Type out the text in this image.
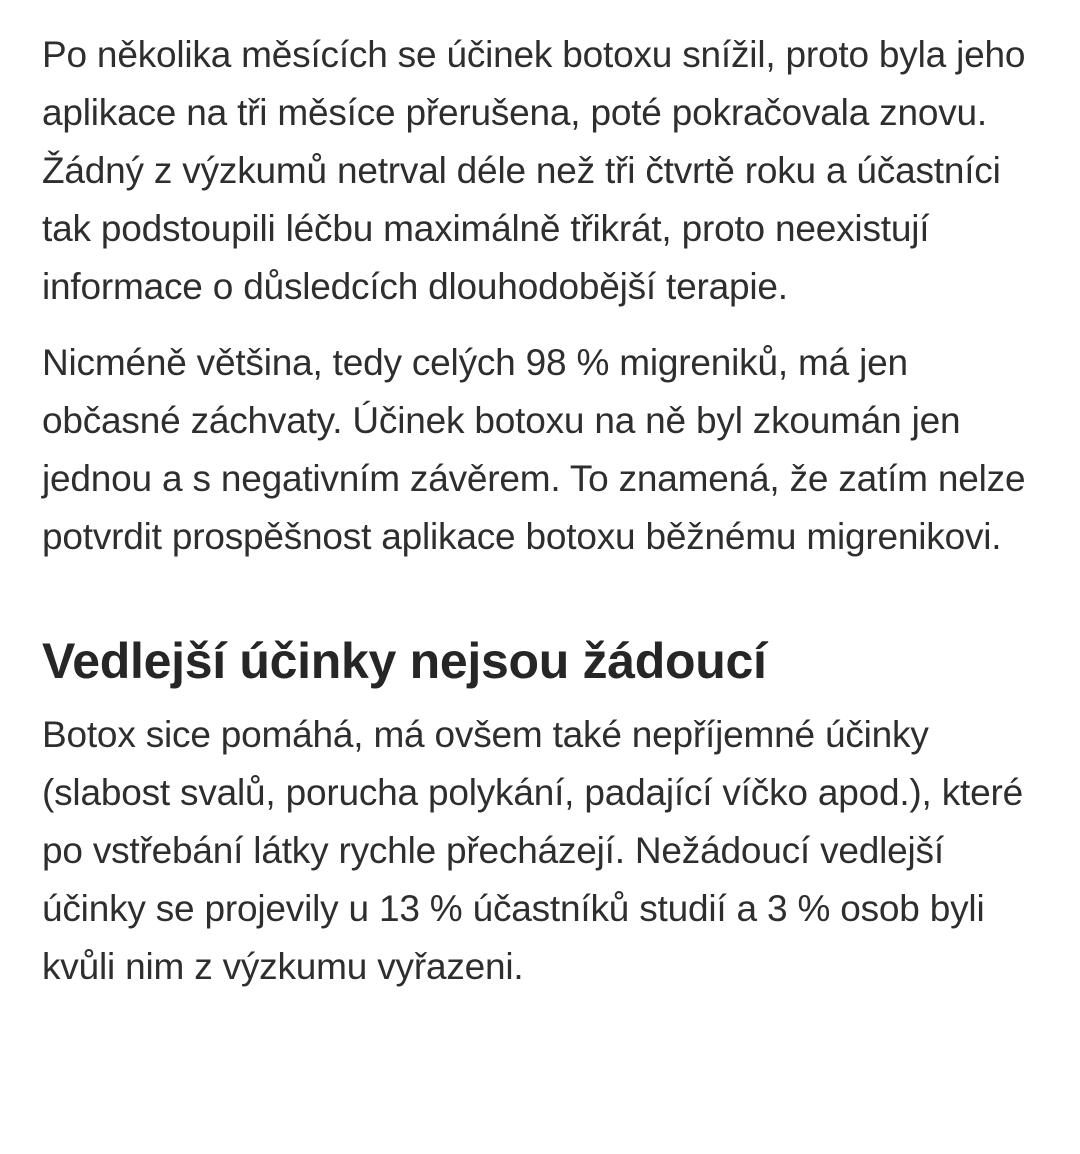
Po několika měsících se účinek botoxu snížil, proto byla jeho aplikace na tři měsíce přerušena, poté pokračovala znovu. Žádný z výzkumů netrval déle než tři čtvrtě roku a účastníci tak podstoupili léčbu maximálně třikrát, proto neexistují informace o důsledcích dlouhodobější terapie.

Nicméně většina, tedy celých 98 % migreniků, má jen občasné záchvaty. Účinek botoxu na ně byl zkoumán jen jednou a s negativním závěrem. To znamená, že zatím nelze potvrdit prospěšnost aplikace botoxu běžnému migrenikovi.

Vedlejší účinky nejsou žádoucí

Botox sice pomáhá, má ovšem také nepříjemné účinky (slabost svalů, porucha polykání, padající víčko apod.), které po vstřebání látky rychle přecházejí. Nežádoucí vedlejší účinky se projevily u 13 % účastníků studií a 3 % osob byli kvůli nim z výzkumu vyřazeni.
